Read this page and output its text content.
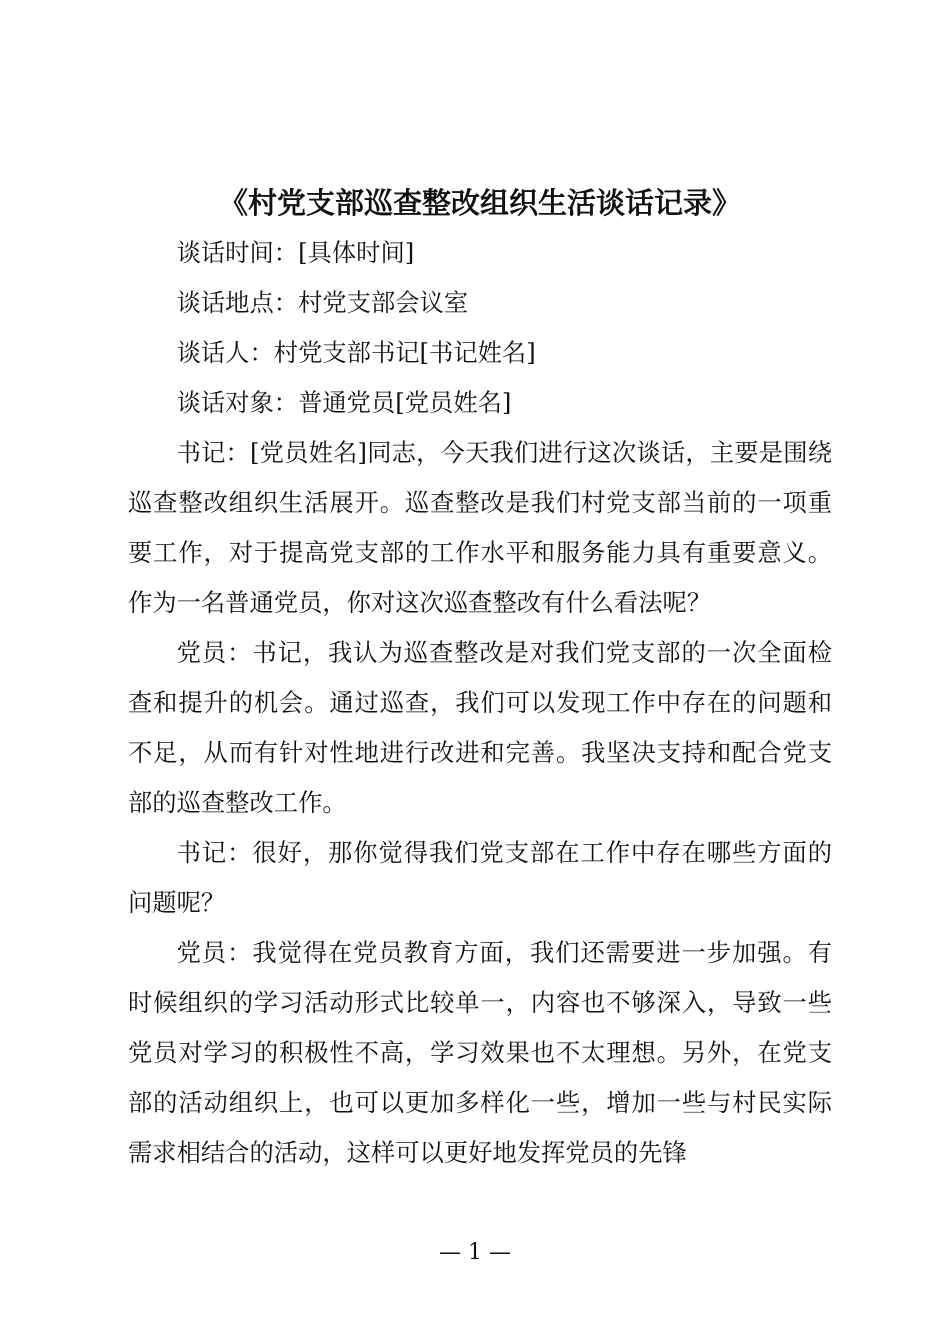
《村党支部巡查整改组织生活谈话记录》

谈话时间：[具体时间]

谈话地点：村党支部会议室

谈话人：村党支部书记[书记姓名]

谈话对象：普通党员[党员姓名]

书记：[党员姓名]同志，今天我们进行这次谈话，主要是围绕巡查整改组织生活展开。巡查整改是我们村党支部当前的一项重要工作，对于提高党支部的工作水平和服务能力具有重要意义。作为一名普通党员，你对这次巡查整改有什么看法呢？

党员：书记，我认为巡查整改是对我们党支部的一次全面检查和提升的机会。通过巡查，我们可以发现工作中存在的问题和不足，从而有针对性地进行改进和完善。我坚决支持和配合党支部的巡查整改工作。

书记：很好，那你觉得我们党支部在工作中存在哪些方面的问题呢？

党员：我觉得在党员教育方面，我们还需要进一步加强。有时候组织的学习活动形式比较单一，内容也不够深入，导致一些党员对学习的积极性不高，学习效果也不太理想。另外，在党支部的活动组织上，也可以更加多样化一些，增加一些与村民实际需求相结合的活动，这样可以更好地发挥党员的先锋

— 1 —
